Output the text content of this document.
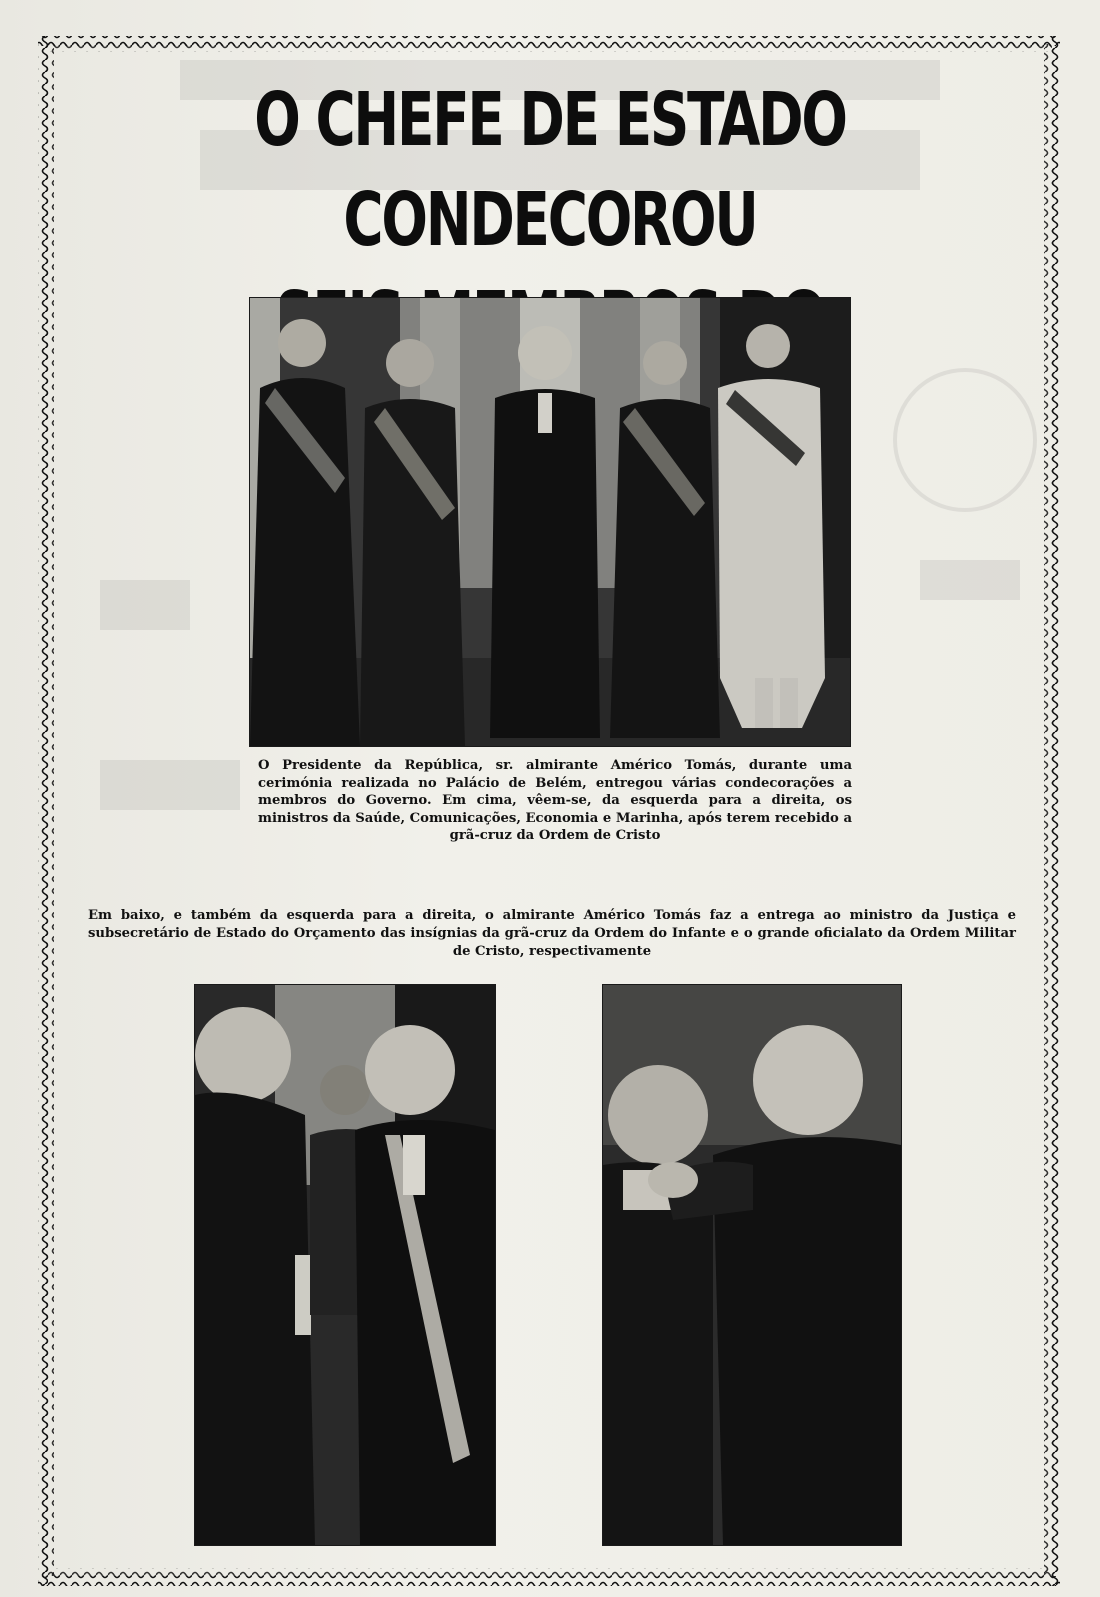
O CHEFE DE ESTADO CONDECOROU

O Presidente da República, sr. almirante Américo Tomás, durante uma cerimónia realizada no Palácio de Belém, entregou várias condecorações a membros do Governo. Em cima, vêem-se, da esquerda para a direita, os ministros da Saúde, Comunicações, Economia e Marinha, após terem recebido a grã-cruz da Ordem de Cristo

Em baixo, e também da esquerda para a direita, o almirante Américo Tomás faz a entrega ao ministro da Justiça e subsecretário de Estado do Orçamento das insígnias da grã-cruz da Ordem do Infante e o grande oficialato da Ordem Militar de Cristo, respectivamente
